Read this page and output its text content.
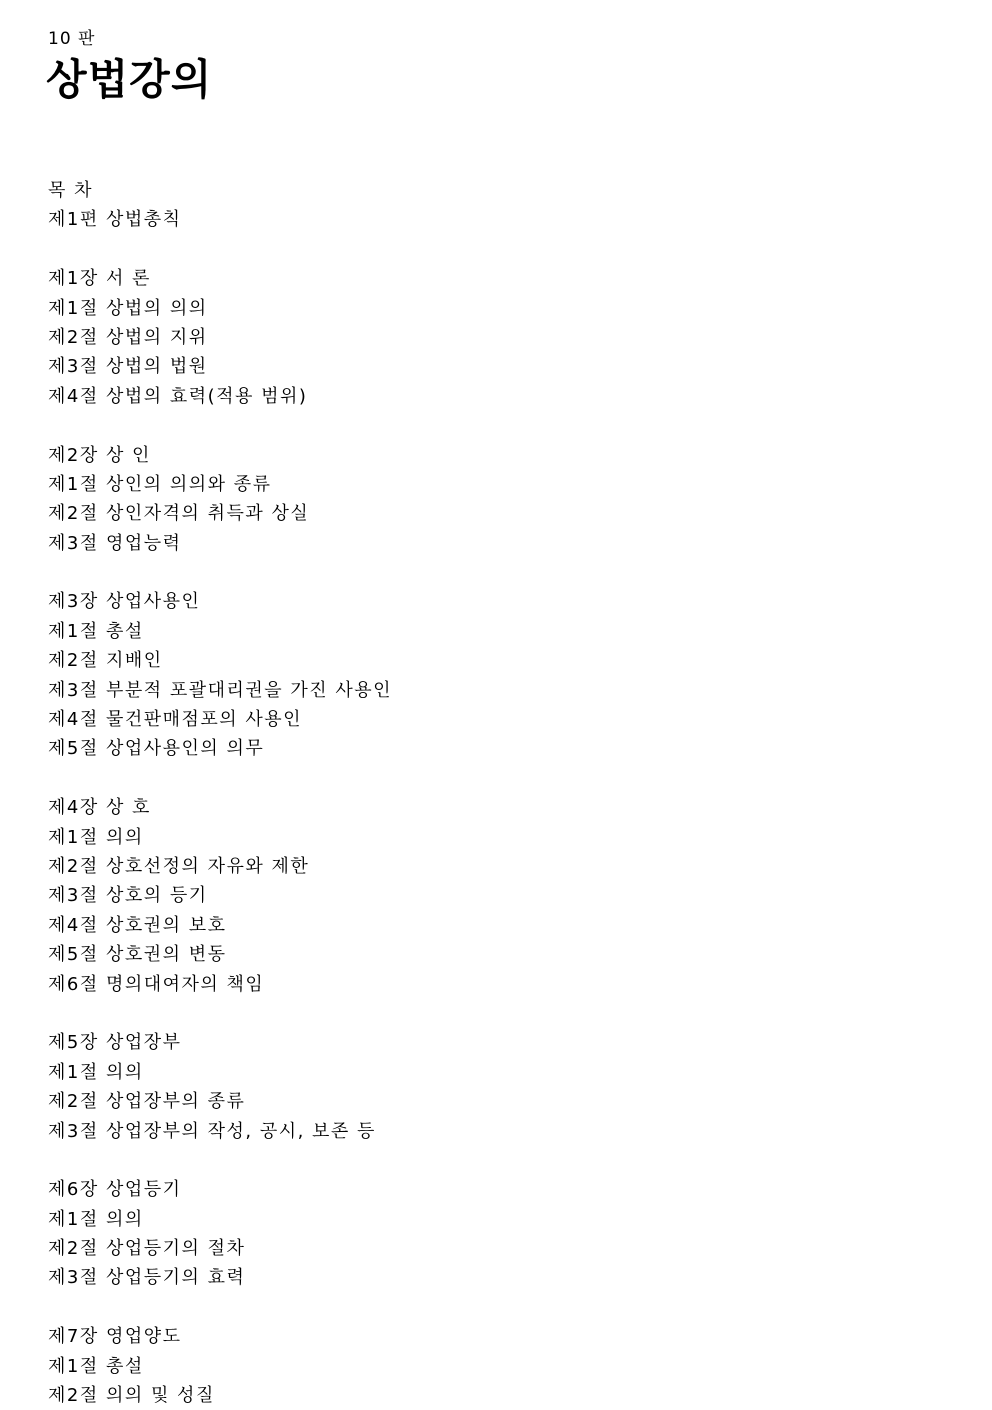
10 판
상법강의
목 차
제1편 상법총칙
제1장 서 론
제1절 상법의 의의
제2절 상법의 지위
제3절 상법의 법원
제4절 상법의 효력(적용 범위)
제2장 상 인
제1절 상인의 의의와 종류
제2절 상인자격의 취득과 상실
제3절 영업능력
제3장 상업사용인
제1절 총설
제2절 지배인
제3절 부분적 포괄대리권을 가진 사용인
제4절 물건판매점포의 사용인
제5절 상업사용인의 의무
제4장 상 호
제1절 의의
제2절 상호선정의 자유와 제한
제3절 상호의 등기
제4절 상호권의 보호
제5절 상호권의 변동
제6절 명의대여자의 책임
제5장 상업장부
제1절 의의
제2절 상업장부의 종류
제3절 상업장부의 작성, 공시, 보존 등
제6장 상업등기
제1절 의의
제2절 상업등기의 절차
제3절 상업등기의 효력
제7장 영업양도
제1절 총설
제2절 의의 및 성질
